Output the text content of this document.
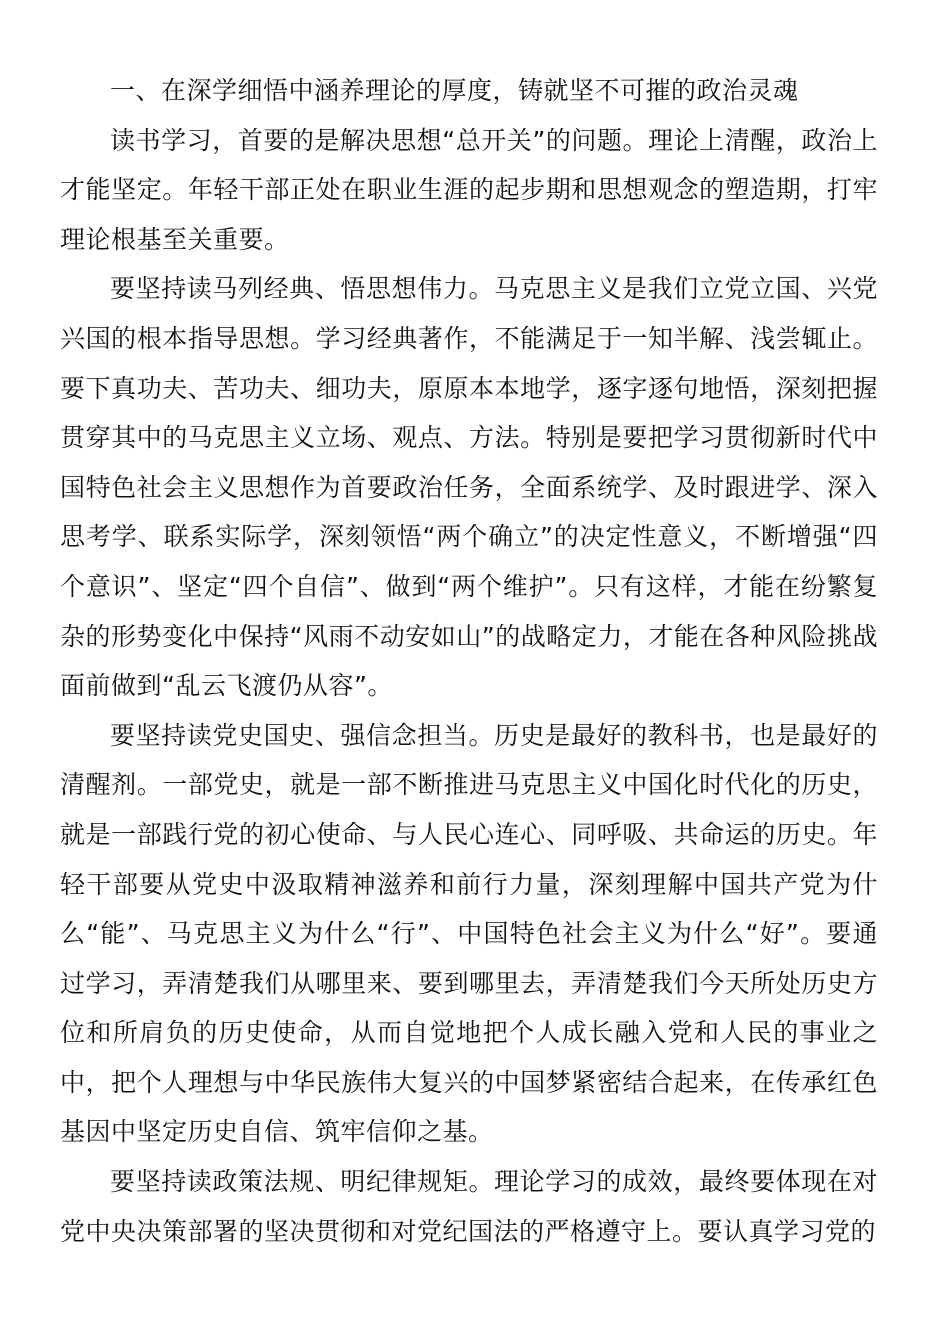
一、在深学细悟中涵养理论的厚度，铸就坚不可摧的政治灵魂

读书学习，首要的是解决思想“总开关”的问题。理论上清醒，政治上才能坚定。年轻干部正处在职业生涯的起步期和思想观念的塑造期，打牢理论根基至关重要。

要坚持读马列经典、悟思想伟力。马克思主义是我们立党立国、兴党兴国的根本指导思想。学习经典著作，不能满足于一知半解、浅尝辄止。要下真功夫、苦功夫、细功夫，原原本本地学，逐字逐句地悟，深刻把握贯穿其中的马克思主义立场、观点、方法。特别是要把学习贯彻新时代中国特色社会主义思想作为首要政治任务，全面系统学、及时跟进学、深入思考学、联系实际学，深刻领悟“两个确立”的决定性意义，不断增强“四个意识”、坚定“四个自信”、做到“两个维护”。只有这样，才能在纷繁复杂的形势变化中保持“风雨不动安如山”的战略定力，才能在各种风险挑战面前做到“乱云飞渡仍从容”。

要坚持读党史国史、强信念担当。历史是最好的教科书，也是最好的清醒剂。一部党史，就是一部不断推进马克思主义中国化时代化的历史，就是一部践行党的初心使命、与人民心连心、同呼吸、共命运的历史。年轻干部要从党史中汲取精神滋养和前行力量，深刻理解中国共产党为什么“能”、马克思主义为什么“行”、中国特色社会主义为什么“好”。要通过学习，弄清楚我们从哪里来、要到哪里去，弄清楚我们今天所处历史方位和所肩负的历史使命，从而自觉地把个人成长融入党和人民的事业之中，把个人理想与中华民族伟大复兴的中国梦紧密结合起来，在传承红色基因中坚定历史自信、筑牢信仰之基。

要坚持读政策法规、明纪律规矩。理论学习的成效，最终要体现在对党中央决策部署的坚决贯彻和对党纪国法的严格遵守上。要认真学习党的
